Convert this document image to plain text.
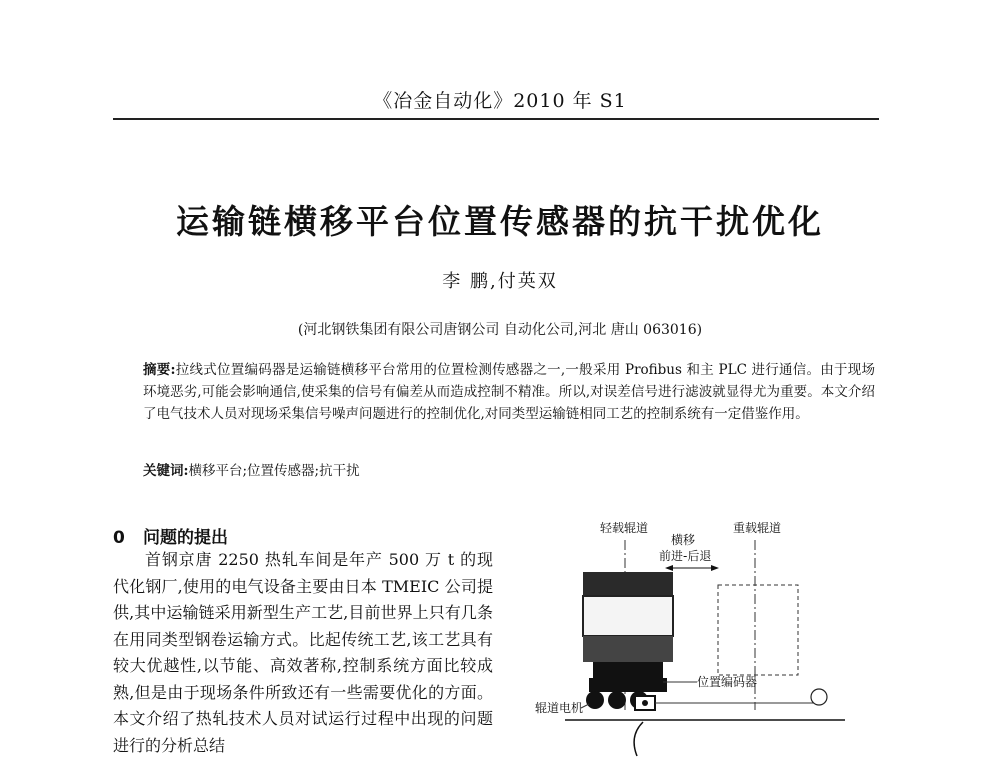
《冶金自动化》2010 年 S1
运输链横移平台位置传感器的抗干扰优化
李 鹏,付英双
(河北钢铁集团有限公司唐钢公司 自动化公司,河北 唐山 063016)
摘要:拉线式位置编码器是运输链横移平台常用的位置检测传感器之一,一般采用 Profibus 和主 PLC 进行通信。由于现场环境恶劣,可能会影响通信,使采集的信号有偏差从而造成控制不精准。所以,对误差信号进行滤波就显得尤为重要。本文介绍了电气技术人员对现场采集信号噪声问题进行的控制优化,对同类型运输链相同工艺的控制系统有一定借鉴作用。
关键词:横移平台;位置传感器;抗干扰
0 问题的提出

首钢京唐 2250 热轧车间是年产 500 万 t 的现代化钢厂,使用的电气设备主要由日本 TMEIC 公司提供,其中运输链采用新型生产工艺,目前世界上只有几条在用同类型钢卷运输方式。比起传统工艺,该工艺具有较大优越性,以节能、高效著称,控制系统方面比较成熟,但是由于现场条件所致还有一些需要优化的方面。本文介绍了热轧技术人员对试运行过程中出现的问题进行的分析总结

轻载辊道	重载辊道
横移
前进-后退
位置编码器
辊道电机
